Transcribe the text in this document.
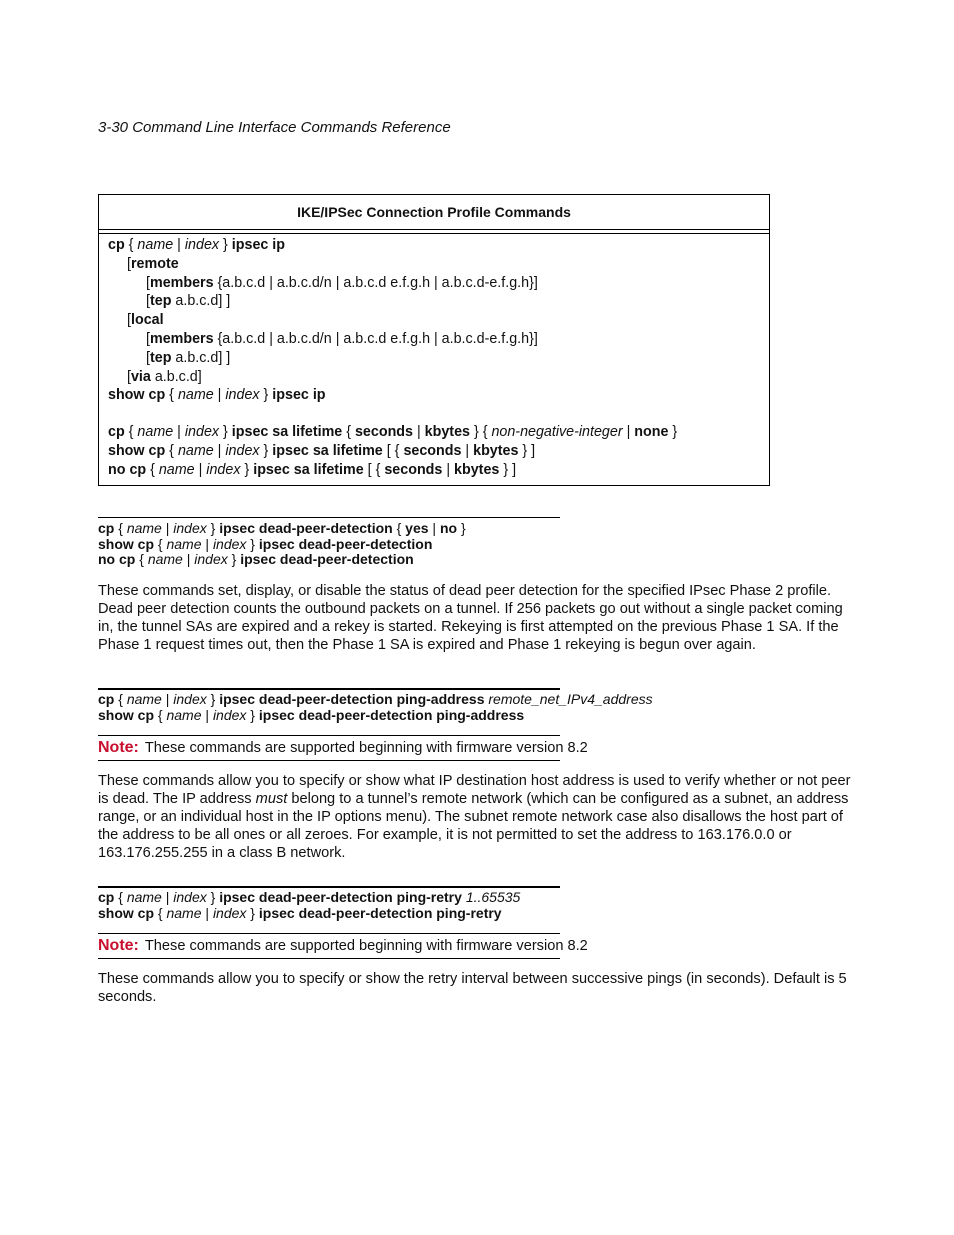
3-30 Command Line Interface Commands Reference
IKE/IPSec Connection Profile Commands
cp { name | index } ipsec ip
[remote
[members {a.b.c.d | a.b.c.d/n | a.b.c.d e.f.g.h | a.b.c.d-e.f.g.h}]
[tep a.b.c.d] ]
[local
[members {a.b.c.d | a.b.c.d/n | a.b.c.d e.f.g.h | a.b.c.d-e.f.g.h}]
[tep a.b.c.d] ]
[via a.b.c.d]
show cp { name | index } ipsec ip
cp { name | index } ipsec sa lifetime { seconds | kbytes } { non-negative-integer | none }
show cp { name | index } ipsec sa lifetime [ { seconds | kbytes } ]
no cp { name | index } ipsec sa lifetime [ { seconds | kbytes } ]
cp { name | index } ipsec dead-peer-detection { yes | no }
show cp { name | index } ipsec dead-peer-detection
no cp { name | index } ipsec dead-peer-detection
These commands set, display, or disable the status of dead peer detection for the specified IPsec Phase 2 profile. Dead peer detection counts the outbound packets on a tunnel. If 256 packets go out without a single packet coming in, the tunnel SAs are expired and a rekey is started. Rekeying is first attempted on the previous Phase 1 SA. If the Phase 1 request times out, then the Phase 1 SA is expired and Phase 1 rekeying is begun over again.
cp { name | index } ipsec dead-peer-detection ping-address remote_net_IPv4_address
show cp { name | index } ipsec dead-peer-detection ping-address
Note: These commands are supported beginning with firmware version 8.2
These commands allow you to specify or show what IP destination host address is used to verify whether or not peer is dead. The IP address must belong to a tunnel’s remote network (which can be configured as a subnet, an address range, or an individual host in the IP options menu). The subnet remote network case also disallows the host part of the address to be all ones or all zeroes. For example, it is not permitted to set the address to 163.176.0.0 or 163.176.255.255 in a class B network.
cp { name | index } ipsec dead-peer-detection ping-retry 1..65535
show cp { name | index } ipsec dead-peer-detection ping-retry
Note: These commands are supported beginning with firmware version 8.2
These commands allow you to specify or show the retry interval between successive pings (in seconds). Default is 5 seconds.
